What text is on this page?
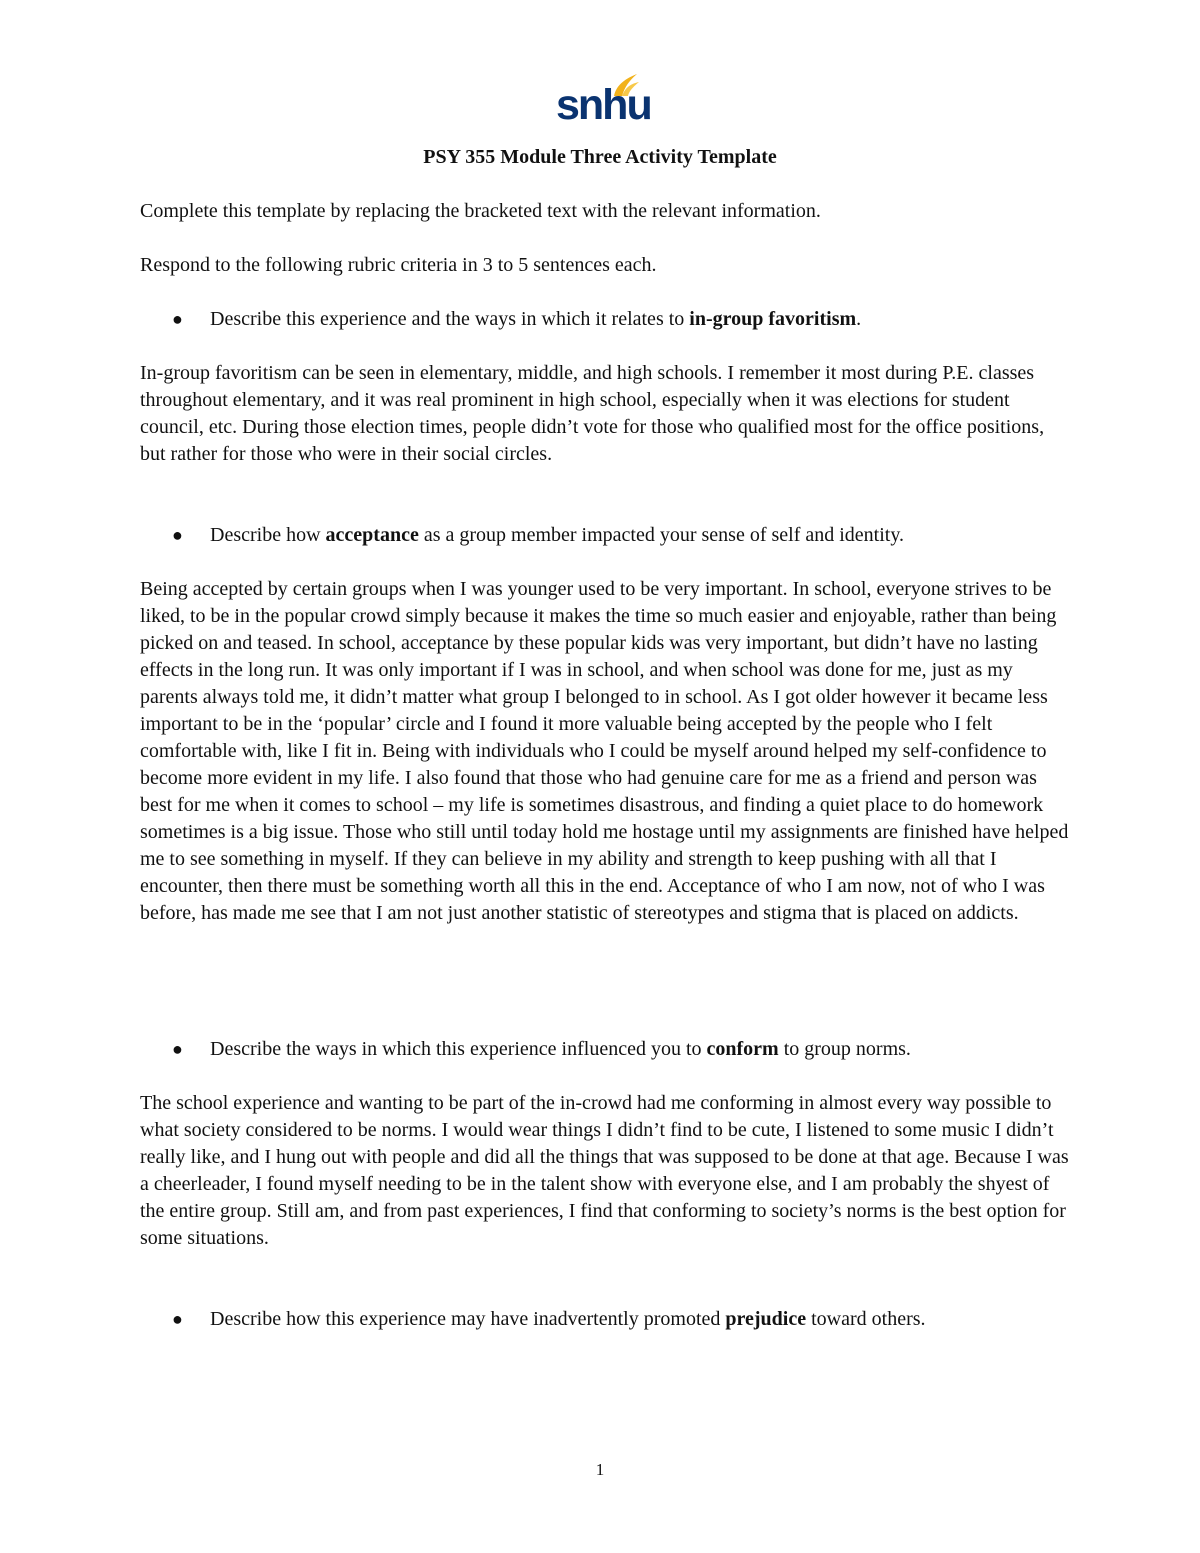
snhu
PSY 355 Module Three Activity Template

Complete this template by replacing the bracketed text with the relevant information.

Respond to the following rubric criteria in 3 to 5 sentences each.

● Describe this experience and the ways in which it relates to in-group favoritism.

In-group favoritism can be seen in elementary, middle, and high schools. I remember it most during P.E. classes throughout elementary, and it was real prominent in high school, especially when it was elections for student council, etc. During those election times, people didn’t vote for those who qualified most for the office positions, but rather for those who were in their social circles.

● Describe how acceptance as a group member impacted your sense of self and identity.

Being accepted by certain groups when I was younger used to be very important. In school, everyone strives to be liked, to be in the popular crowd simply because it makes the time so much easier and enjoyable, rather than being picked on and teased. In school, acceptance by these popular kids was very important, but didn’t have no lasting effects in the long run. It was only important if I was in school, and when school was done for me, just as my parents always told me, it didn’t matter what group I belonged to in school. As I got older however it became less important to be in the ‘popular’ circle and I found it more valuable being accepted by the people who I felt comfortable with, like I fit in. Being with individuals who I could be myself around helped my self-confidence to become more evident in my life. I also found that those who had genuine care for me as a friend and person was best for me when it comes to school – my life is sometimes disastrous, and finding a quiet place to do homework sometimes is a big issue. Those who still until today hold me hostage until my assignments are finished have helped me to see something in myself. If they can believe in my ability and strength to keep pushing with all that I encounter, then there must be something worth all this in the end. Acceptance of who I am now, not of who I was before, has made me see that I am not just another statistic of stereotypes and stigma that is placed on addicts.

● Describe the ways in which this experience influenced you to conform to group norms.

The school experience and wanting to be part of the in-crowd had me conforming in almost every way possible to what society considered to be norms. I would wear things I didn’t find to be cute, I listened to some music I didn’t really like, and I hung out with people and did all the things that was supposed to be done at that age. Because I was a cheerleader, I found myself needing to be in the talent show with everyone else, and I am probably the shyest of the entire group. Still am, and from past experiences, I find that conforming to society’s norms is the best option for some situations.

● Describe how this experience may have inadvertently promoted prejudice toward others.
1
